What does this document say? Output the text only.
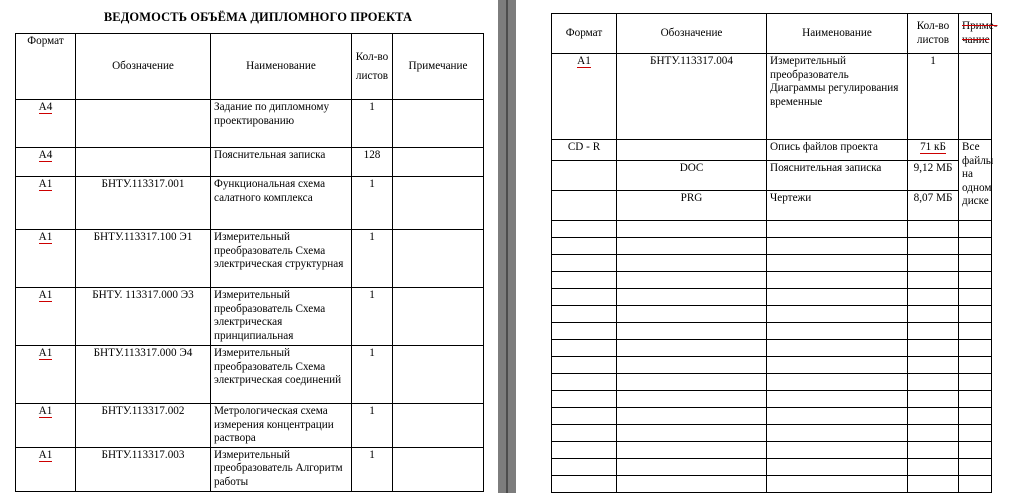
ВЕДОМОСТЬ ОБЪЁМА ДИПЛОМНОГО ПРОЕКТА
Формат	Обозначение	Наименование	Кол-во листов	Примечание
А4		Задание по дипломному проектированию	1	
А4		Пояснительная записка	128	
А1	БНТУ.113317.001	Функциональная схема салатного комплекса	1	
А1	БНТУ.113317.100 Э1	Измерительный преобразователь Схема электрическая структурная	1	
А1	БНТУ. 113317.000 Э3	Измерительный преобразователь Схема электрическая принципиальная	1	
А1	БНТУ.113317.000 Э4	Измерительный преобразователь Схема электрическая соединений	1	
А1	БНТУ.113317.002	Метрологическая схема измерения концентрации раствора	1	
А1	БНТУ.113317.003	Измерительный преобразователь Алгоритм работы	1	
Формат	Обозначение	Наименование	Кол-во листов	Приме-чание
А1	БНТУ.113317.004	Измерительный преобразователь Диаграммы регулирования временные	1	
CD - R		Опись файлов проекта	71 кБ	Все файлы на одном диске
	DOC	Пояснительная записка	9,12 МБ	
	PRG	Чертежи	8,07 МБ	
